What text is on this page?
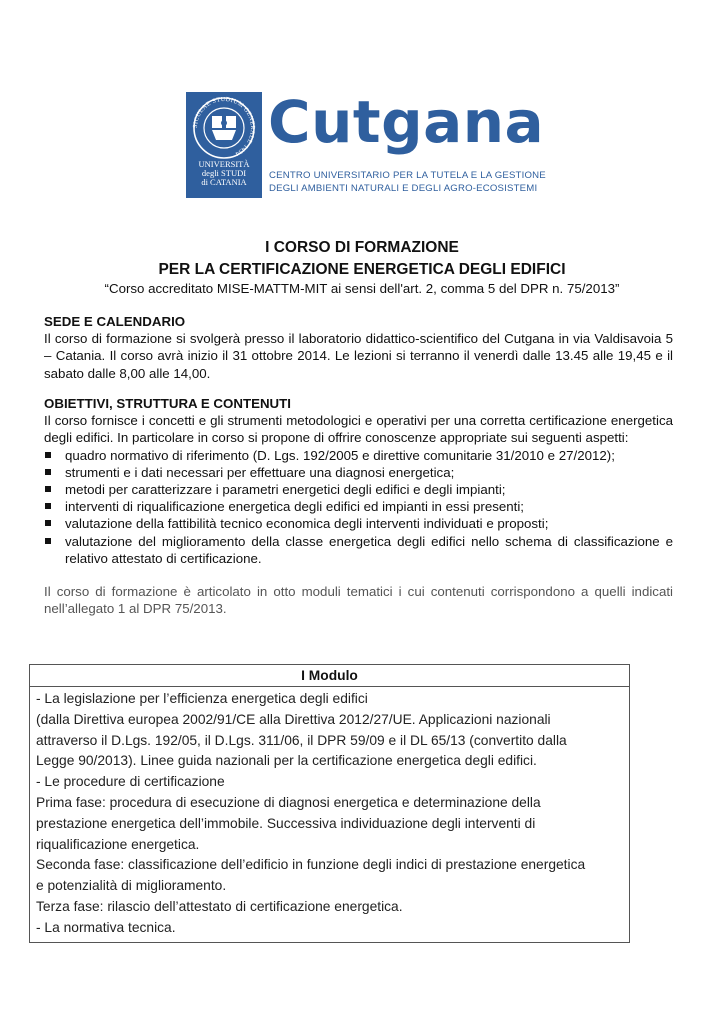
SICULAE STUDIUM GENERALE 1434
UNIVERSITÀ
degli STUDI
di CATANIA
Cutgana
CENTRO UNIVERSITARIO PER LA TUTELA E LA GESTIONE
DEGLI AMBIENTI NATURALI E DEGLI AGRO-ECOSISTEMI
I CORSO DI FORMAZIONE
PER LA CERTIFICAZIONE ENERGETICA DEGLI EDIFICI
“Corso accreditato MISE-MATTM-MIT ai sensi dell'art. 2, comma 5 del DPR n. 75/2013”
SEDE E CALENDARIO

Il corso di formazione si svolgerà presso il laboratorio didattico-scientifico del Cutgana in via Valdisavoia 5 – Catania. Il corso avrà inizio il 31 ottobre 2014. Le lezioni si terranno il venerdì dalle 13.45 alle 19,45 e il sabato dalle 8,00 alle 14,00.

OBIETTIVI, STRUTTURA E CONTENUTI

Il corso fornisce i concetti e gli strumenti metodologici e operativi per una corretta certificazione energetica degli edifici. In particolare in corso si propone di offrire conoscenze appropriate sui seguenti aspetti:

quadro normativo di riferimento (D. Lgs. 192/2005 e direttive comunitarie 31/2010 e 27/2012);
strumenti e i dati necessari per effettuare una diagnosi energetica;
metodi per caratterizzare i parametri energetici degli edifici e degli impianti;
interventi di riqualificazione energetica degli edifici ed impianti in essi presenti;
valutazione della fattibilità tecnico economica degli interventi individuati e proposti;
valutazione del miglioramento della classe energetica degli edifici nello schema di classificazione e relativo attestato di certificazione.

Il corso di formazione è articolato in otto moduli tematici i cui contenuti corrispondono a quelli indicati nell’allegato 1 al DPR 75/2013.

I Modulo
- La legislazione per l’efficienza energetica degli edifici
(dalla Direttiva europea 2002/91/CE alla Direttiva 2012/27/UE. Applicazioni nazionali
attraverso il D.Lgs. 192/05, il D.Lgs. 311/06, il DPR 59/09 e il DL 65/13 (convertito dalla
Legge 90/2013). Linee guida nazionali per la certificazione energetica degli edifici.
- Le procedure di certificazione
Prima fase: procedura di esecuzione di diagnosi energetica e determinazione della
prestazione energetica dell’immobile. Successiva individuazione degli interventi di
riqualificazione energetica.
Seconda fase: classificazione dell’edificio in funzione degli indici di prestazione energetica
e potenzialità di miglioramento.
Terza fase: rilascio dell’attestato di certificazione energetica.
- La normativa tecnica.
